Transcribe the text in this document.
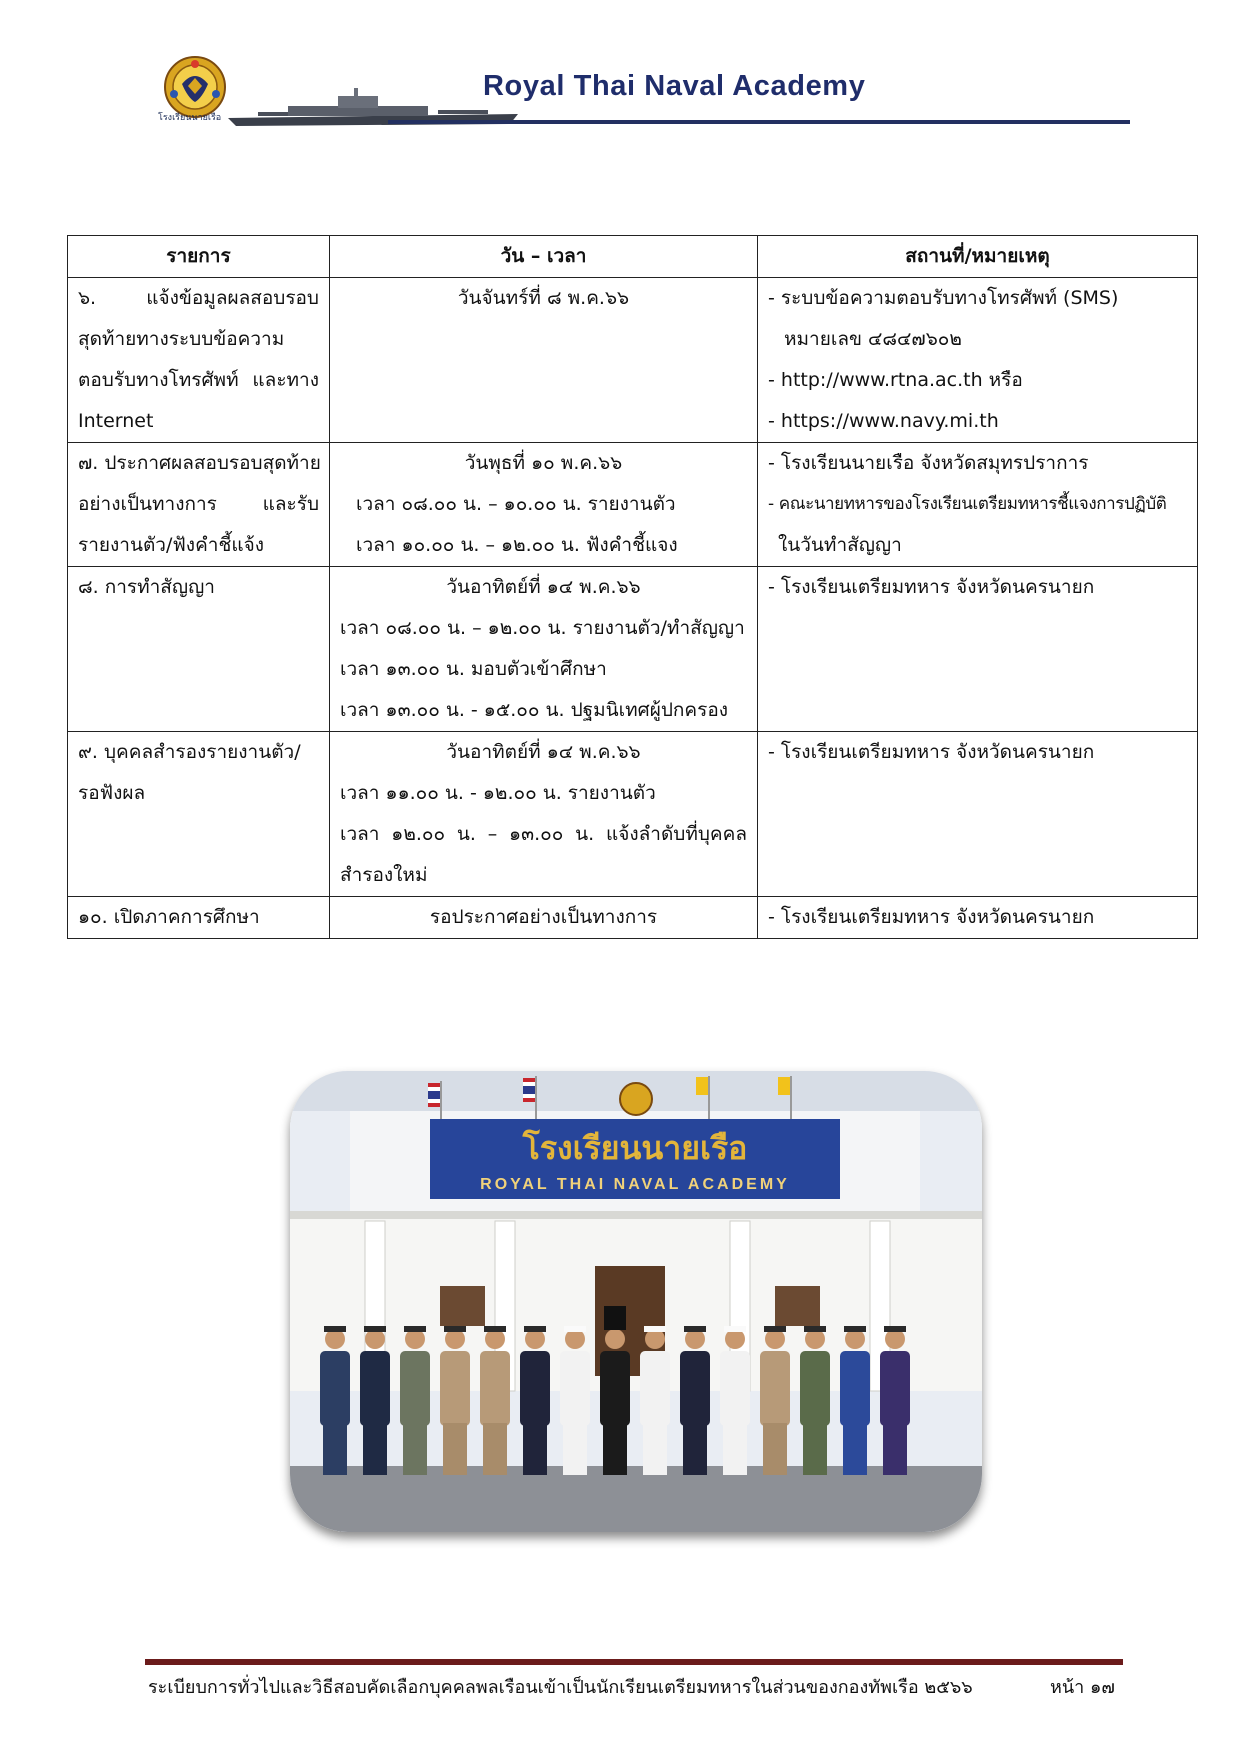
โรงเรียนนายเรือ
Royal Thai Naval Academy
รายการ	วัน – เวลา	สถานที่/หมายเหตุ

๖. แจ้งข้อมูลผลสอบรอบ
สุดท้ายทางระบบข้อความ
ตอบรับทางโทรศัพท์ และทาง
Internet	วันจันทร์ที่ ๘ พ.ค.๖๖	- ระบบข้อความตอบรับทางโทรศัพท์ (SMS)
หมายเลข ๔๘๔๗๖๐๒
- http://www.rtna.ac.th หรือ
- https://www.navy.mi.th

๗. ประกาศผลสอบรอบสุดท้าย
อย่างเป็นทางการ และรับ
รายงานตัว/ฟังคำชี้แจ้ง	วันพุธที่ ๑๐ พ.ค.๖๖
เวลา ๐๘.๐๐ น. – ๑๐.๐๐ น. รายงานตัว
เวลา ๑๐.๐๐ น. – ๑๒.๐๐ น. ฟังคำชี้แจง	- โรงเรียนนายเรือ จังหวัดสมุทรปราการ
- คณะนายทหารของโรงเรียนเตรียมทหารชี้แจงการปฏิบัติ
ในวันทำสัญญา

๘. การทำสัญญา	วันอาทิตย์ที่ ๑๔ พ.ค.๖๖
เวลา ๐๘.๐๐ น. – ๑๒.๐๐ น. รายงานตัว/ทำสัญญา
เวลา ๑๓.๐๐ น. มอบตัวเข้าศึกษา
เวลา ๑๓.๐๐ น. - ๑๕.๐๐ น. ปฐมนิเทศผู้ปกครอง	- โรงเรียนเตรียมทหาร จังหวัดนครนายก

๙. บุคคลสำรองรายงานตัว/
รอฟังผล	วันอาทิตย์ที่ ๑๔ พ.ค.๖๖
เวลา ๑๑.๐๐ น. - ๑๒.๐๐ น. รายงานตัว
เวลา ๑๒.๐๐ น. – ๑๓.๐๐ น. แจ้งลำดับที่บุคคล
สำรองใหม่	- โรงเรียนเตรียมทหาร จังหวัดนครนายก

๑๐. เปิดภาคการศึกษา	รอประกาศอย่างเป็นทางการ	- โรงเรียนเตรียมทหาร จังหวัดนครนายก
โรงเรียนนายเรือ
ROYAL THAI NAVAL ACADEMY
ระเบียบการทั่วไปและวิธีสอบคัดเลือกบุคคลพลเรือนเข้าเป็นนักเรียนเตรียมทหารในส่วนของกองทัพเรือ ๒๕๖๖	หน้า ๑๗
